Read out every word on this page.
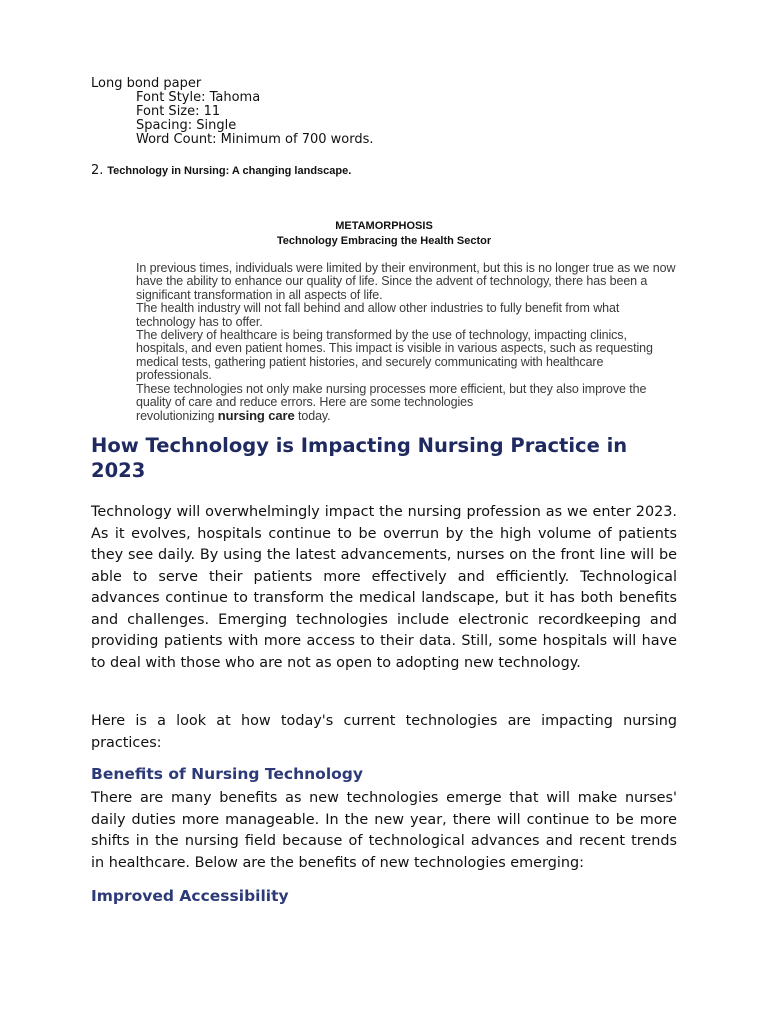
Long bond paper
Font Style: Tahoma
Font Size: 11
Spacing: Single
Word Count: Minimum of 700 words.
2. Technology in Nursing: A changing landscape.
METAMORPHOSIS
Technology Embracing the Health Sector

In previous times, individuals were limited by their environment, but this is no longer true as we now have the ability to enhance our quality of life. Since the advent of technology, there has been a significant transformation in all aspects of life.

The health industry will not fall behind and allow other industries to fully benefit from what technology has to offer.

The delivery of healthcare is being transformed by the use of technology, impacting clinics, hospitals, and even patient homes. This impact is visible in various aspects, such as requesting medical tests, gathering patient histories, and securely communicating with healthcare professionals.

These technologies not only make nursing processes more efficient, but they also improve the quality of care and reduce errors. Here are some technologies
revolutionizing nursing care today.

How Technology is Impacting Nursing Practice in 2023

Technology will overwhelmingly impact the nursing profession as we enter 2023. As it evolves, hospitals continue to be overrun by the high volume of patients they see daily. By using the latest advancements, nurses on the front line will be able to serve their patients more effectively and efficiently. Technological advances continue to transform the medical landscape, but it has both benefits and challenges. Emerging technologies include electronic recordkeeping and providing patients with more access to their data. Still, some hospitals will have to deal with those who are not as open to adopting new technology.

Here is a look at how today's current technologies are impacting nursing practices:

Benefits of Nursing Technology

There are many benefits as new technologies emerge that will make nurses' daily duties more manageable. In the new year, there will continue to be more shifts in the nursing field because of technological advances and recent trends in healthcare. Below are the benefits of new technologies emerging:

Improved Accessibility
